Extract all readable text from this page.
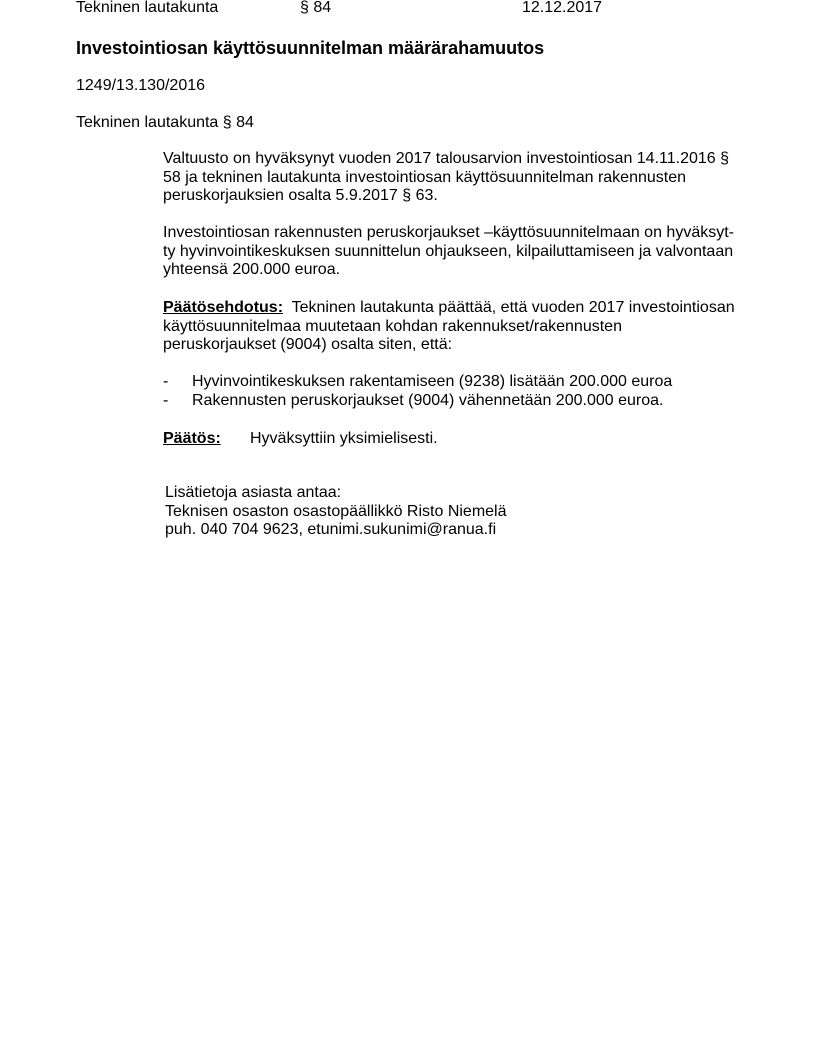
Tekninen lautakunta	§ 84	12.12.2017
Investointiosan käyttösuunnitelman määrärahamuutos
1249/13.130/2016
Tekninen lautakunta § 84
Valtuusto on hyväksynyt vuoden 2017 talousarvion investointiosan 14.11.2016 §
58 ja tekninen lautakunta investointiosan käyttösuunnitelman rakennusten
peruskorjauksien osalta 5.9.2017 § 63.
Investointiosan rakennusten peruskorjaukset –käyttösuunnitelmaan on hyväksyt-
ty hyvinvointikeskuksen suunnittelun ohjaukseen, kilpailuttamiseen ja valvontaan
yhteensä 200.000 euroa.
Päätösehdotus: Tekninen lautakunta päättää, että vuoden 2017 investointiosan
käyttösuunnitelmaa muutetaan kohdan rakennukset/rakennusten
peruskorjaukset (9004) osalta siten, että:
- Hyvinvointikeskuksen rakentamiseen (9238) lisätään 200.000 euroa
- Rakennusten peruskorjaukset (9004) vähennetään 200.000 euroa.
Päätös: Hyväksyttiin yksimielisesti.
Lisätietoja asiasta antaa:
Teknisen osaston osastopäällikkö Risto Niemelä
puh. 040 704 9623, etunimi.sukunimi@ranua.fi
